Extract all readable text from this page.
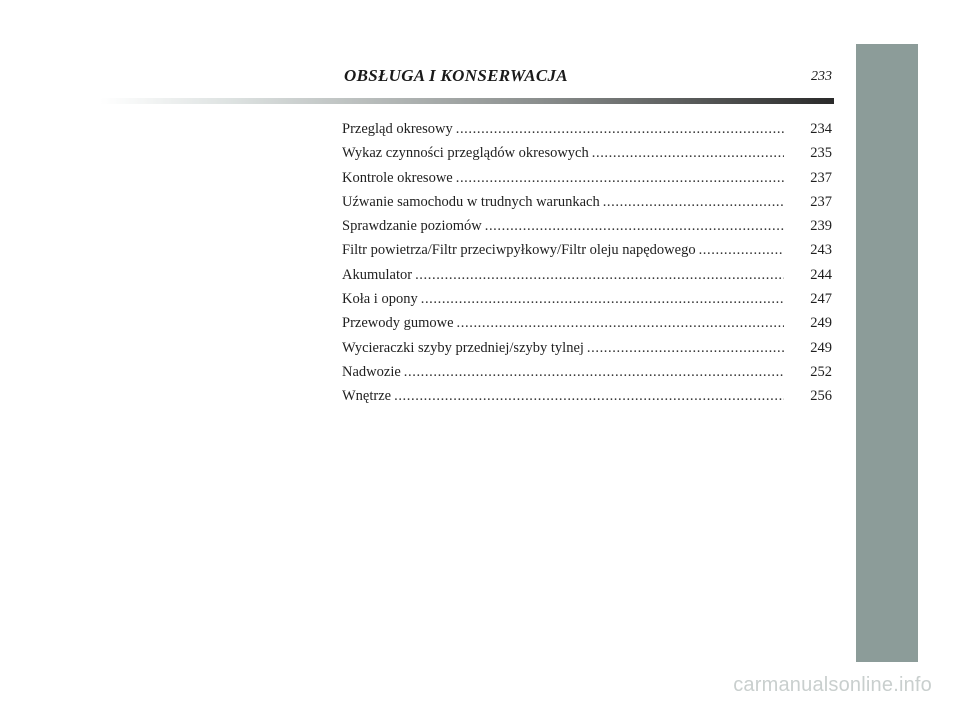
OBSŁUGA I KONSERWACJA	233
Przegląd okresowy .....	234
Wykaz czynności przeglądów okresowych .....	235
Kontrole okresowe .....	237
Uźwanie samochodu w trudnych warunkach .....	237
Sprawdzanie poziomów .....	239
Filtr powietrza/Filtr przeciwpyłkowy/Filtr oleju napędowego .....	243
Akumulator .....	244
Koła i opony .....	247
Przewody gumowe .....	249
Wycieraczki szyby przedniej/szyby tylnej .....	249
Nadwozie .....	252
Wnętrze .....	256
carmanualsonline.info
